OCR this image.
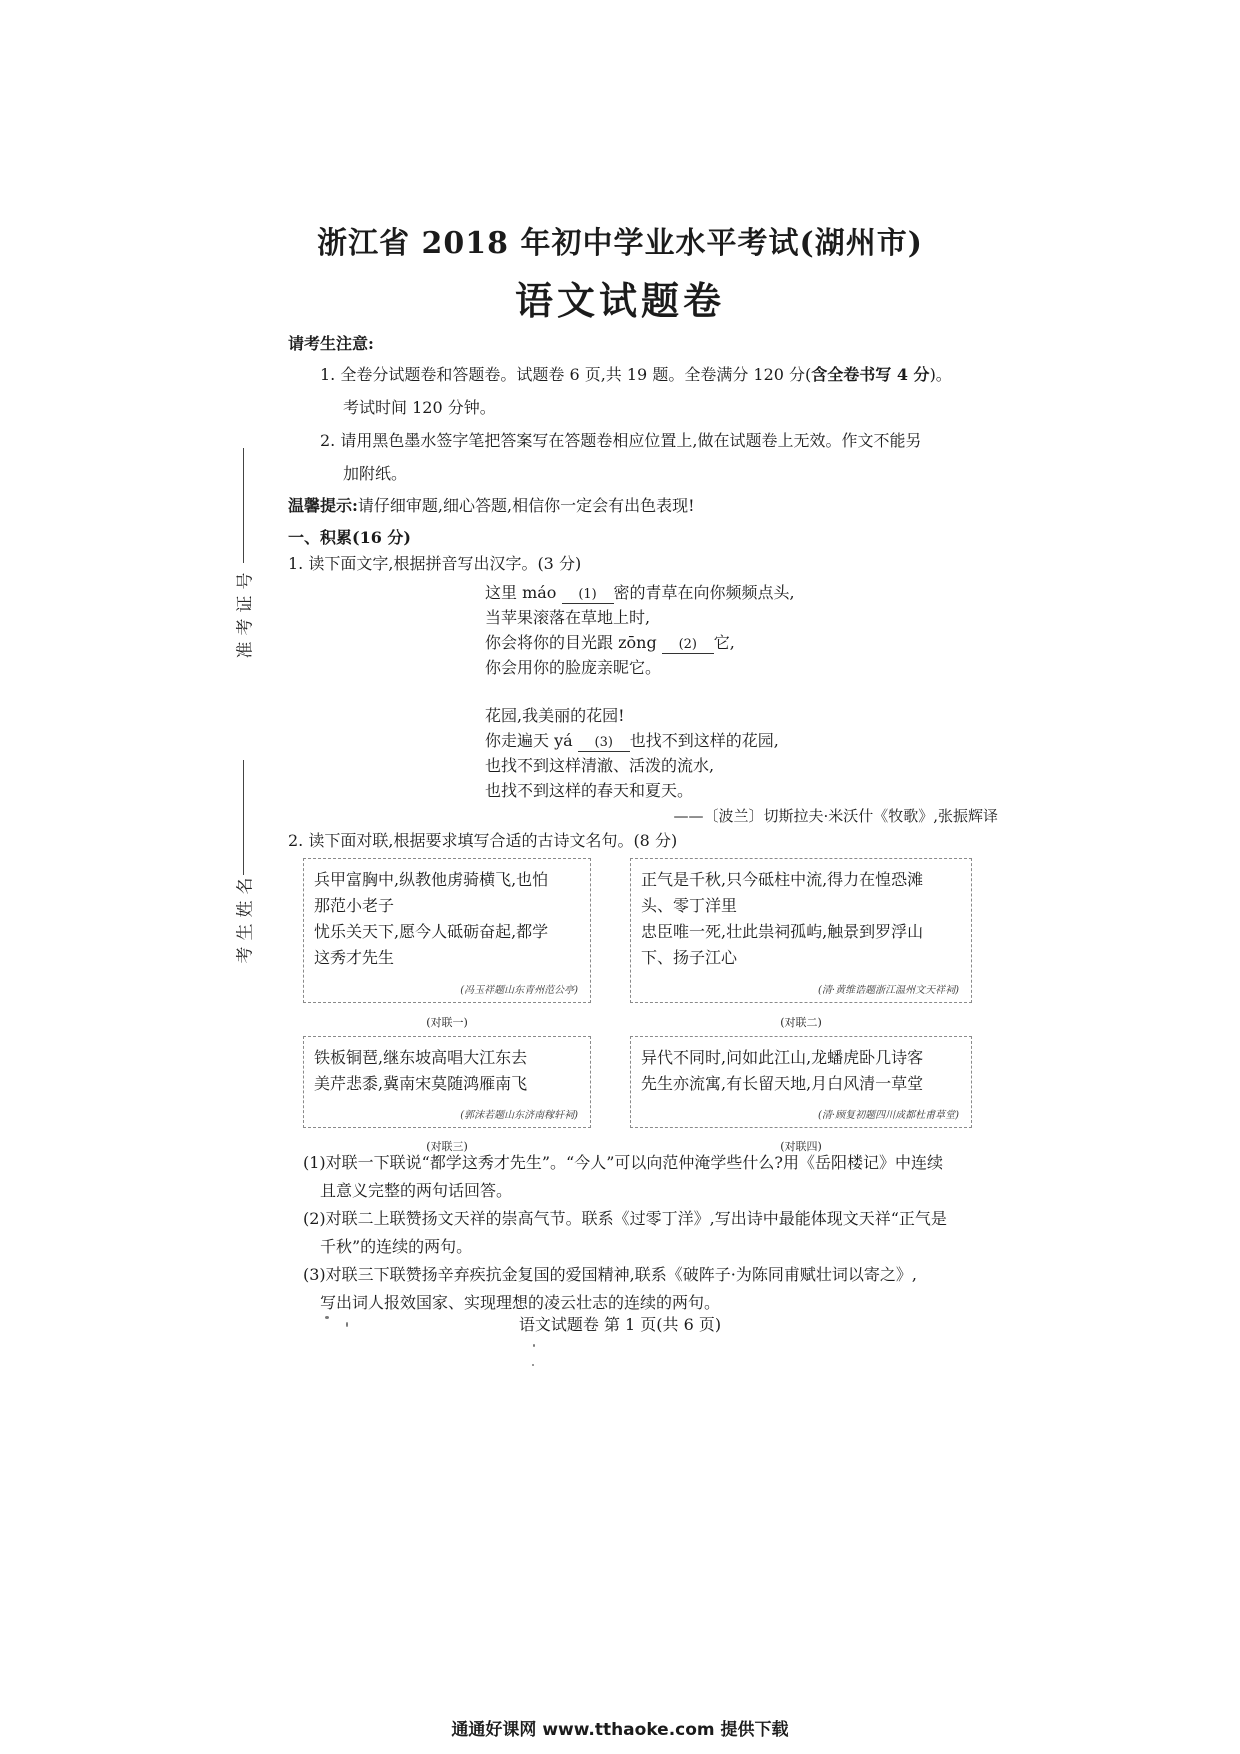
浙江省 2018 年初中学业水平考试(湖州市)
语文试题卷
准考证号
考生姓名
请考生注意:
1. 全卷分试题卷和答题卷。试题卷 6 页,共 19 题。全卷满分 120 分(含全卷书写 4 分)。
考试时间 120 分钟。
2. 请用黑色墨水签字笔把答案写在答题卷相应位置上,做在试题卷上无效。作文不能另
加附纸。
温馨提示:请仔细审题,细心答题,相信你一定会有出色表现!
一、积累(16 分)
1. 读下面文字,根据拼音写出汉字。(3 分)
这里 máo (1) 密的青草在向你频频点头,
当苹果滚落在草地上时,
你会将你的目光跟 zōng (2) 它,
你会用你的脸庞亲昵它。
花园,我美丽的花园!
你走遍天 yá (3) 也找不到这样的花园,
也找不到这样清澈、活泼的流水,
也找不到这样的春天和夏天。
——〔波兰〕切斯拉夫·米沃什《牧歌》,张振辉译
2. 读下面对联,根据要求填写合适的古诗文名句。(8 分)
兵甲富胸中,纵教他虏骑横飞,也怕
那范小老子
忧乐关天下,愿今人砥砺奋起,都学
这秀才先生
(冯玉祥题山东青州范公亭)
(对联一)
正气是千秋,只今砥柱中流,得力在惶恐滩
头、零丁洋里
忠臣唯一死,壮此祟祠孤屿,触景到罗浮山
下、扬子江心
(清·黄维诰题浙江温州文天祥祠)
(对联二)
铁板铜琶,继东坡高唱大江东去
美芹悲黍,冀南宋莫随鸿雁南飞
(郭沫若题山东济南稼轩祠)
(对联三)
异代不同时,问如此江山,龙蟠虎卧几诗客
先生亦流寓,有长留天地,月白风清一草堂
(清·顾复初题四川成都杜甫草堂)
(对联四)
(1)对联一下联说“都学这秀才先生”。“今人”可以向范仲淹学些什么?用《岳阳楼记》中连续
且意义完整的两句话回答。
(2)对联二上联赞扬文天祥的崇高气节。联系《过零丁洋》,写出诗中最能体现文天祥“正气是
千秋”的连续的两句。
(3)对联三下联赞扬辛弃疾抗金复国的爱国精神,联系《破阵子·为陈同甫赋壮词以寄之》,
写出词人报效国家、实现理想的凌云壮志的连续的两句。
语文试题卷 第 1 页(共 6 页)
通通好课网 www.tthaoke.com 提供下载
